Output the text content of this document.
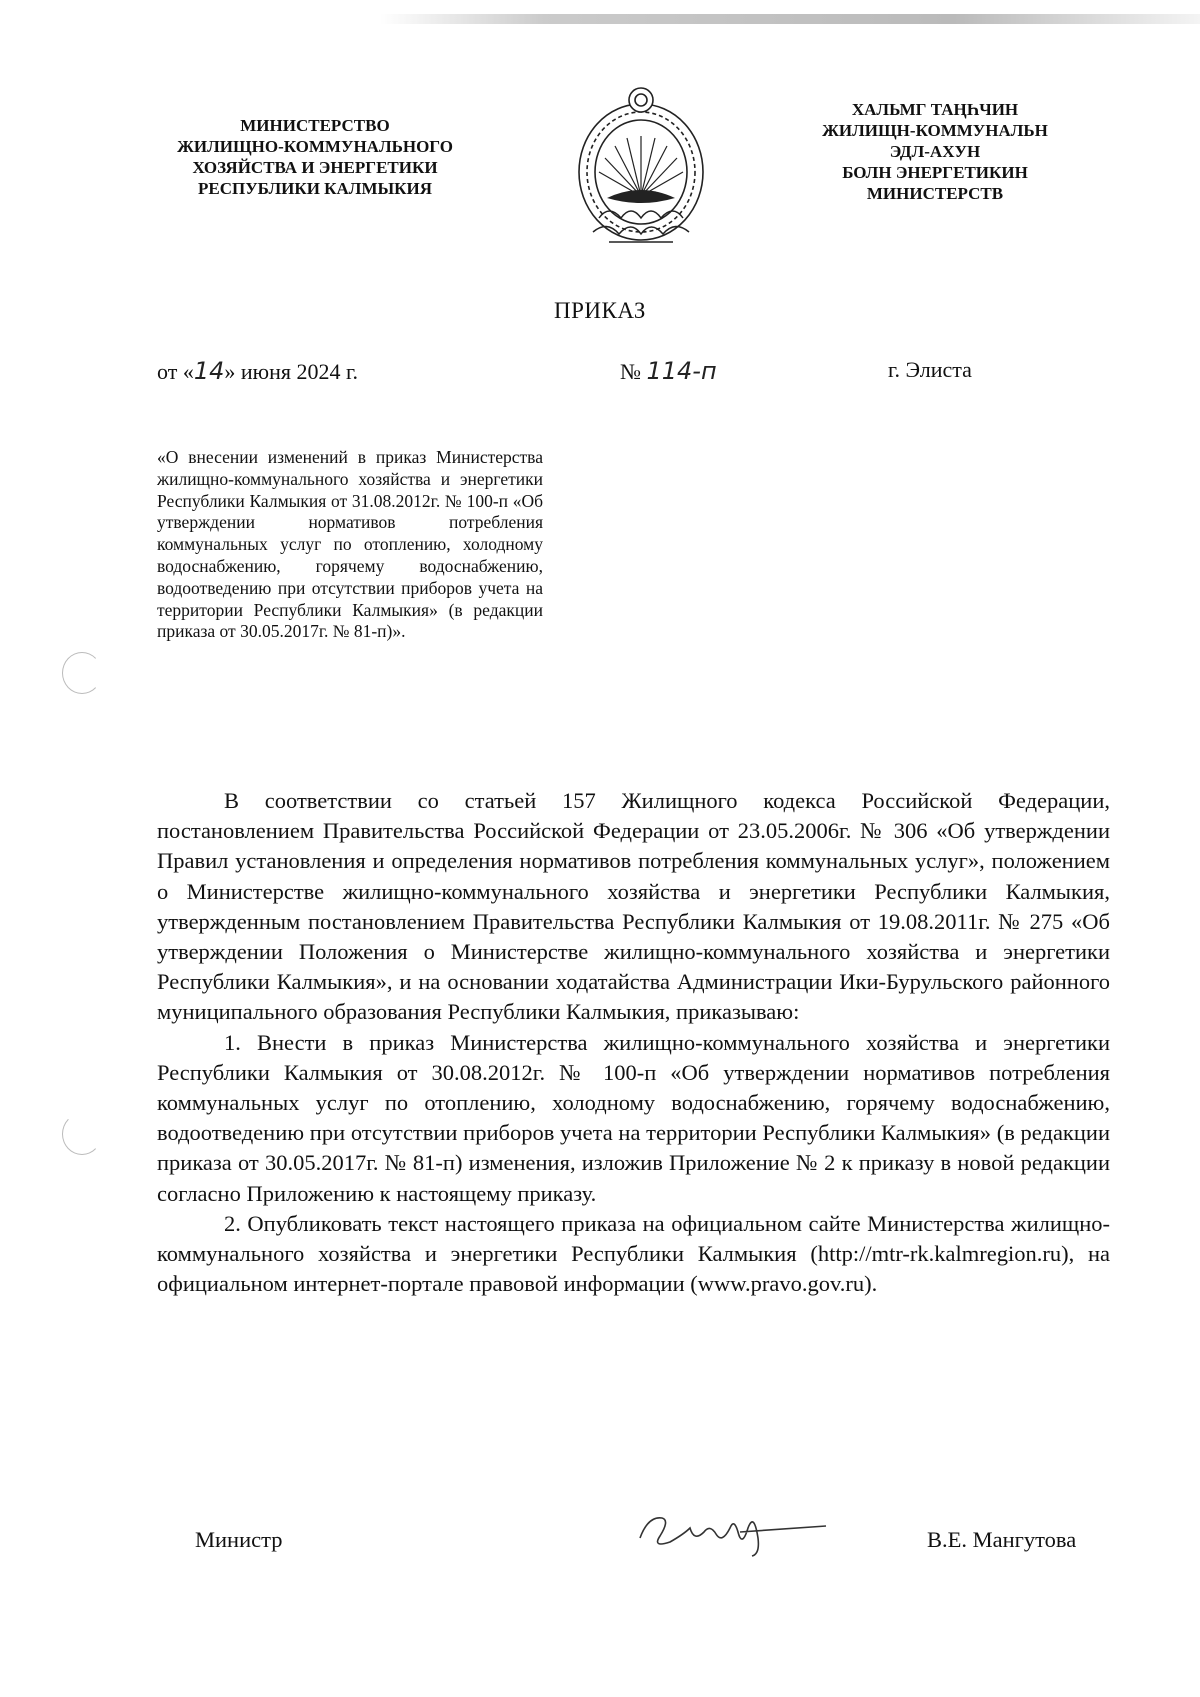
МИНИСТЕРСТВО
ЖИЛИЩНО-КОММУНАЛЬНОГО
ХОЗЯЙСТВА И ЭНЕРГЕТИКИ
РЕСПУБЛИКИ КАЛМЫКИЯ
ХАЛЬМГ ТАҢҺЧИН
ЖИЛИЩН-КОММУНАЛЬН
ЭДЛ-АХУН
БОЛН ЭНЕРГЕТИКИН
МИНИСТЕРСТВ
ПРИКАЗ
от «14» июня 2024 г.	№ 114-п	г. Элиста
«О внесении изменений в приказ Министерства жилищно-коммунального хозяйства и энергетики Республики Калмыкия от 31.08.2012г. № 100-п «Об утверждении нормативов потребления коммунальных услуг по отоплению, холодному водоснабжению, горячему водоснабжению, водоотведению при отсутствии приборов учета на территории Республики Калмыкия» (в редакции приказа от 30.05.2017г. № 81-п)».

В соответствии со статьей 157 Жилищного кодекса Российской Федерации, постановлением Правительства Российской Федерации от 23.05.2006г. № 306 «Об утверждении Правил установления и определения нормативов потребления коммунальных услуг», положением о Министерстве жилищно-коммунального хозяйства и энергетики Республики Калмыкия, утвержденным постановлением Правительства Республики Калмыкия от 19.08.2011г. № 275 «Об утверждении Положения о Министерстве жилищно-коммунального хозяйства и энергетики Республики Калмыкия», и на основании ходатайства Администрации Ики-Бурульского районного муниципального образования Республики Калмыкия, приказываю:

1. Внести в приказ Министерства жилищно-коммунального хозяйства и энергетики Республики Калмыкия от 30.08.2012г. № 100-п «Об утверждении нормативов потребления коммунальных услуг по отоплению, холодному водоснабжению, горячему водоснабжению, водоотведению при отсутствии приборов учета на территории Республики Калмыкия» (в редакции приказа от 30.05.2017г. № 81-п) изменения, изложив Приложение № 2 к приказу в новой редакции согласно Приложению к настоящему приказу.

2. Опубликовать текст настоящего приказа на официальном сайте Министерства жилищно-коммунального хозяйства и энергетики Республики Калмыкия (http://mtr-rk.kalmregion.ru), на официальном интернет-портале правовой информации (www.pravo.gov.ru).

Министр	В.Е. Мангутова
